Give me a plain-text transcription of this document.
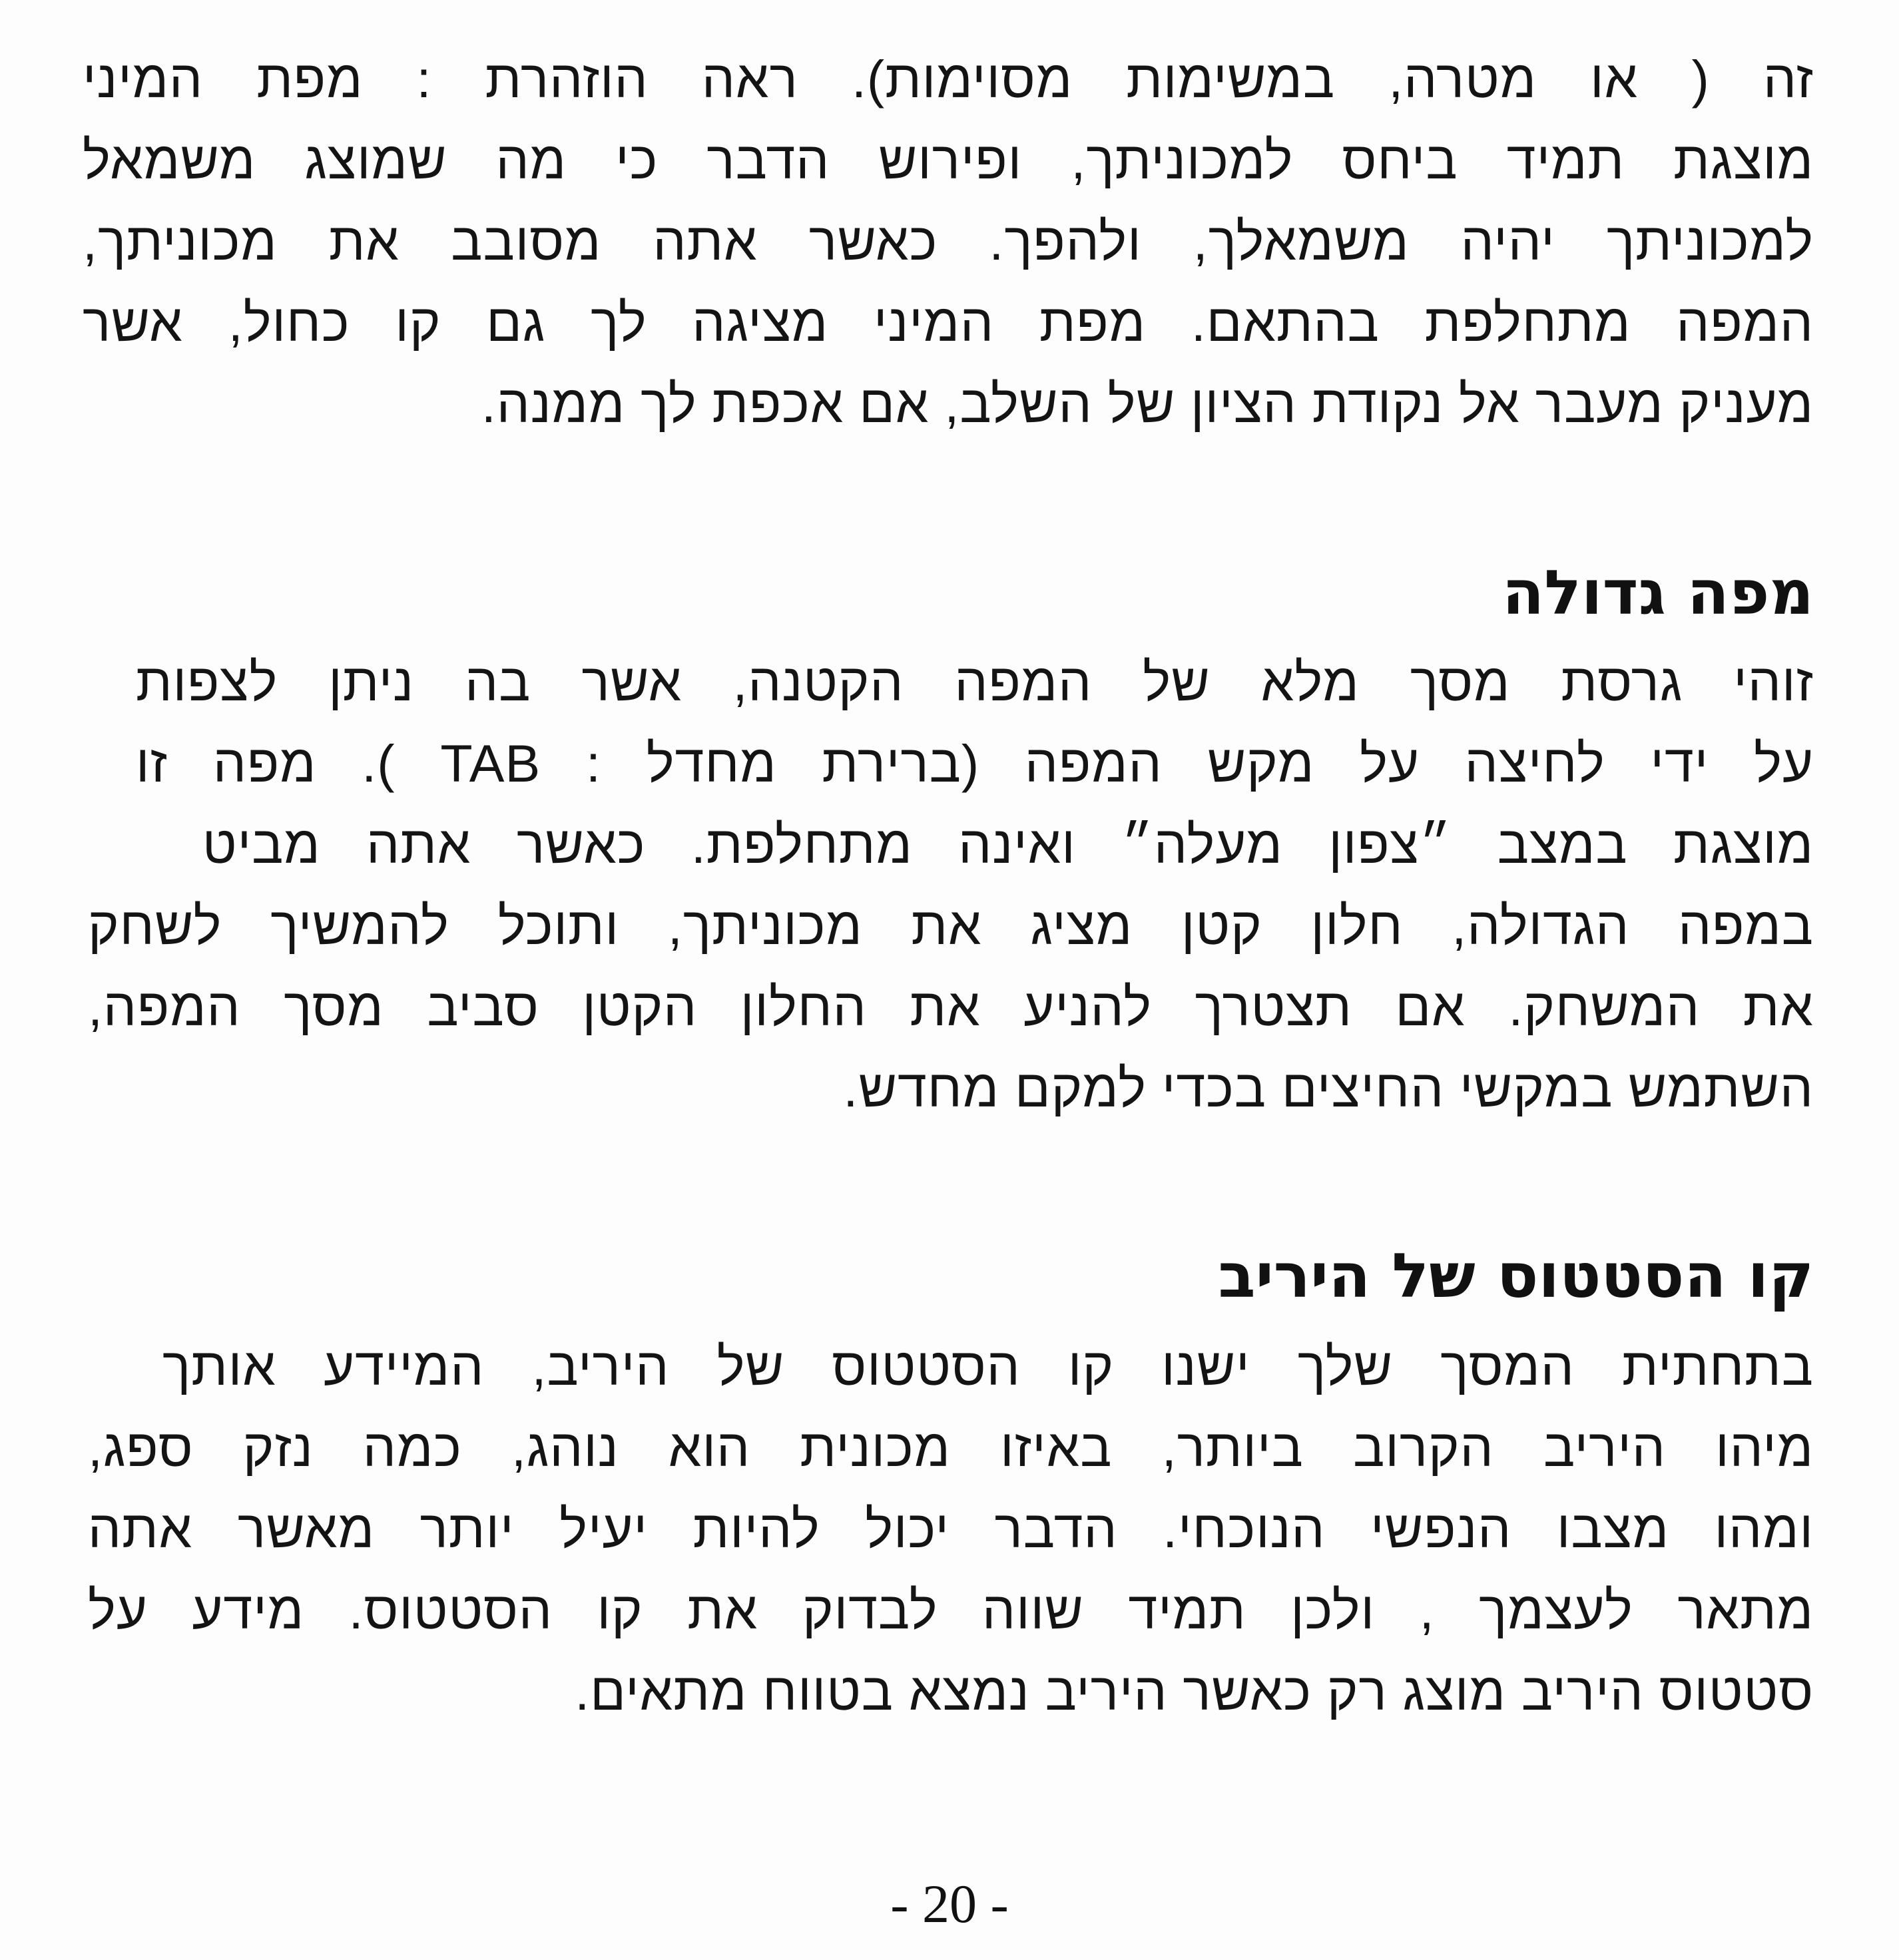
זה ( או מטרה, במשימות מסוימות). ראה הוזהרת : מפת המיני
מוצגת תמיד ביחס למכוניתך, ופירוש הדבר כי מה שמוצג משמאל
למכוניתך יהיה משמאלך, ולהפך. כאשר אתה מסובב את מכוניתך,
המפה מתחלפת בהתאם. מפת המיני מציגה לך גם קו כחול, אשר
מעניק מעבר אל נקודת הציון של השלב, אם אכפת לך ממנה.
מפה גדולה
זוהי גרסת מסך מלא של המפה הקטנה, אשר בה ניתן לצפות
על ידי לחיצה על מקש המפה (ברירת מחדל : TAB ). מפה זו
מוצגת במצב ״צפון מעלה״ ואינה מתחלפת. כאשר אתה מביט
במפה הגדולה, חלון קטן מציג את מכוניתך, ותוכל להמשיך לשחק
את המשחק. אם תצטרך להניע את החלון הקטן סביב מסך המפה,
השתמש במקשי החיצים בכדי למקם מחדש.
קו הסטטוס של היריב
בתחתית המסך שלך ישנו קו הסטטוס של היריב, המיידע אותך
מיהו היריב הקרוב ביותר, באיזו מכונית הוא נוהג, כמה נזק ספג,
ומהו מצבו הנפשי הנוכחי. הדבר יכול להיות יעיל יותר מאשר אתה
מתאר לעצמך , ולכן תמיד שווה לבדוק את קו הסטטוס. מידע על
סטטוס היריב מוצג רק כאשר היריב נמצא בטווח מתאים.
- 20 -
